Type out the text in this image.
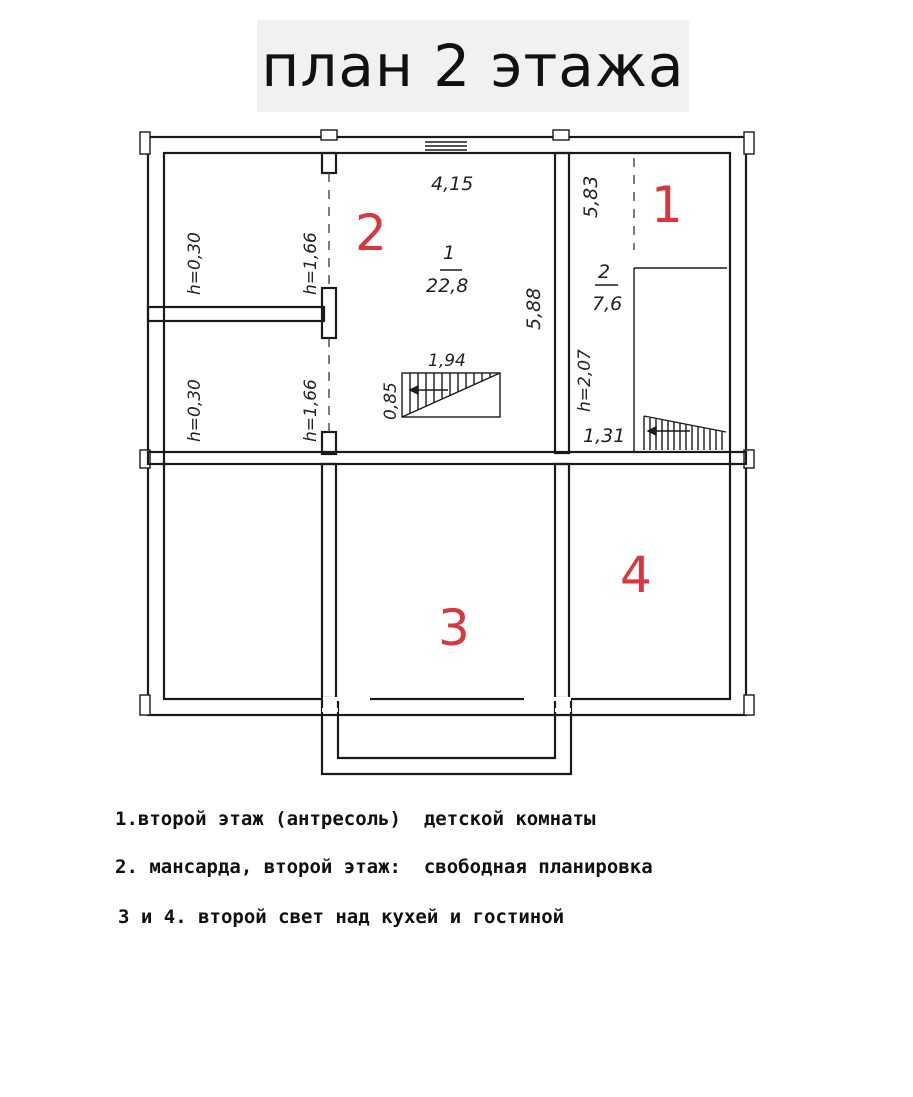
план 2 этажа
4,15
1
22,8
5,88
5,83
2
7,6
h=0,30	h=1,66
h=0,30	h=1,66
1,94
0,85	h=2,07
1,31
1
2
3
4
1.второй этаж (антресоль)  детской комнаты
2. мансарда, второй этаж:  свободная планировка
3 и 4. второй свет над кухей и гостиной
